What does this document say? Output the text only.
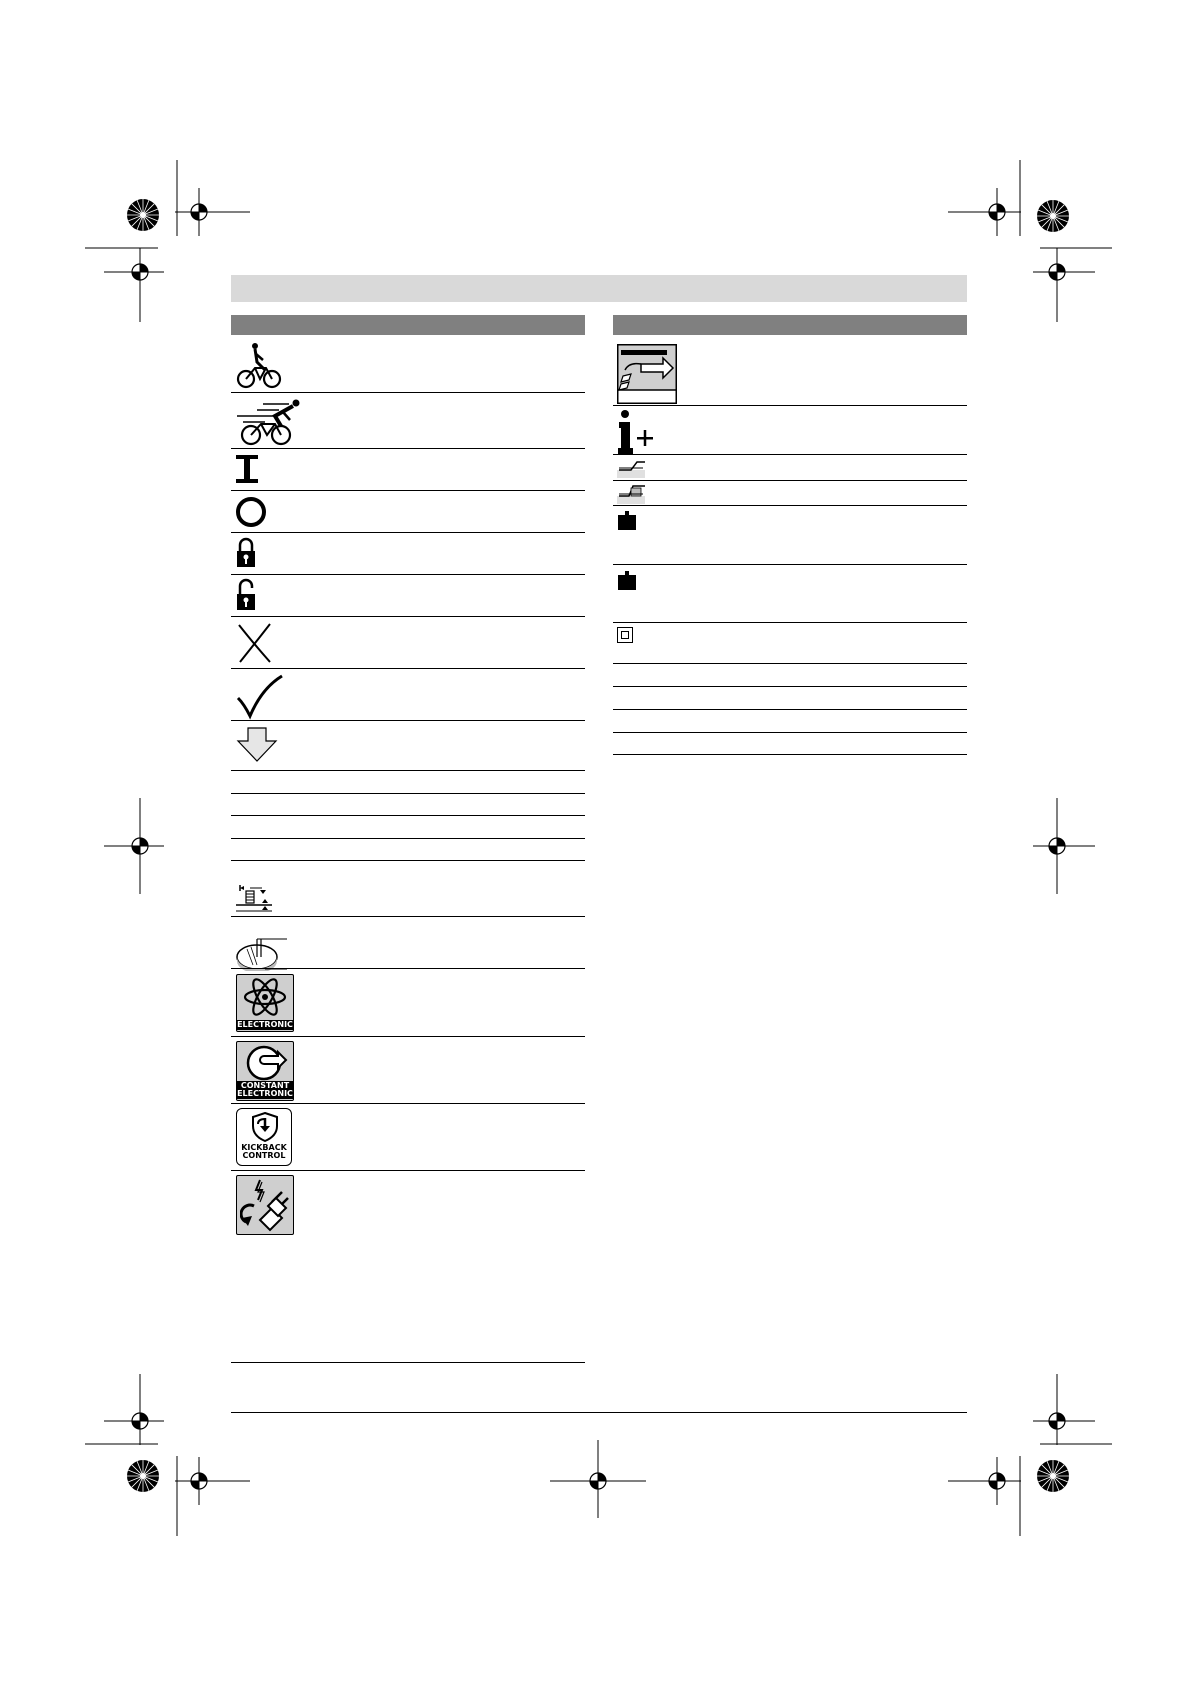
ELECTRONIC
CONSTANT
ELECTRONIC
KICKBACK
CONTROL
